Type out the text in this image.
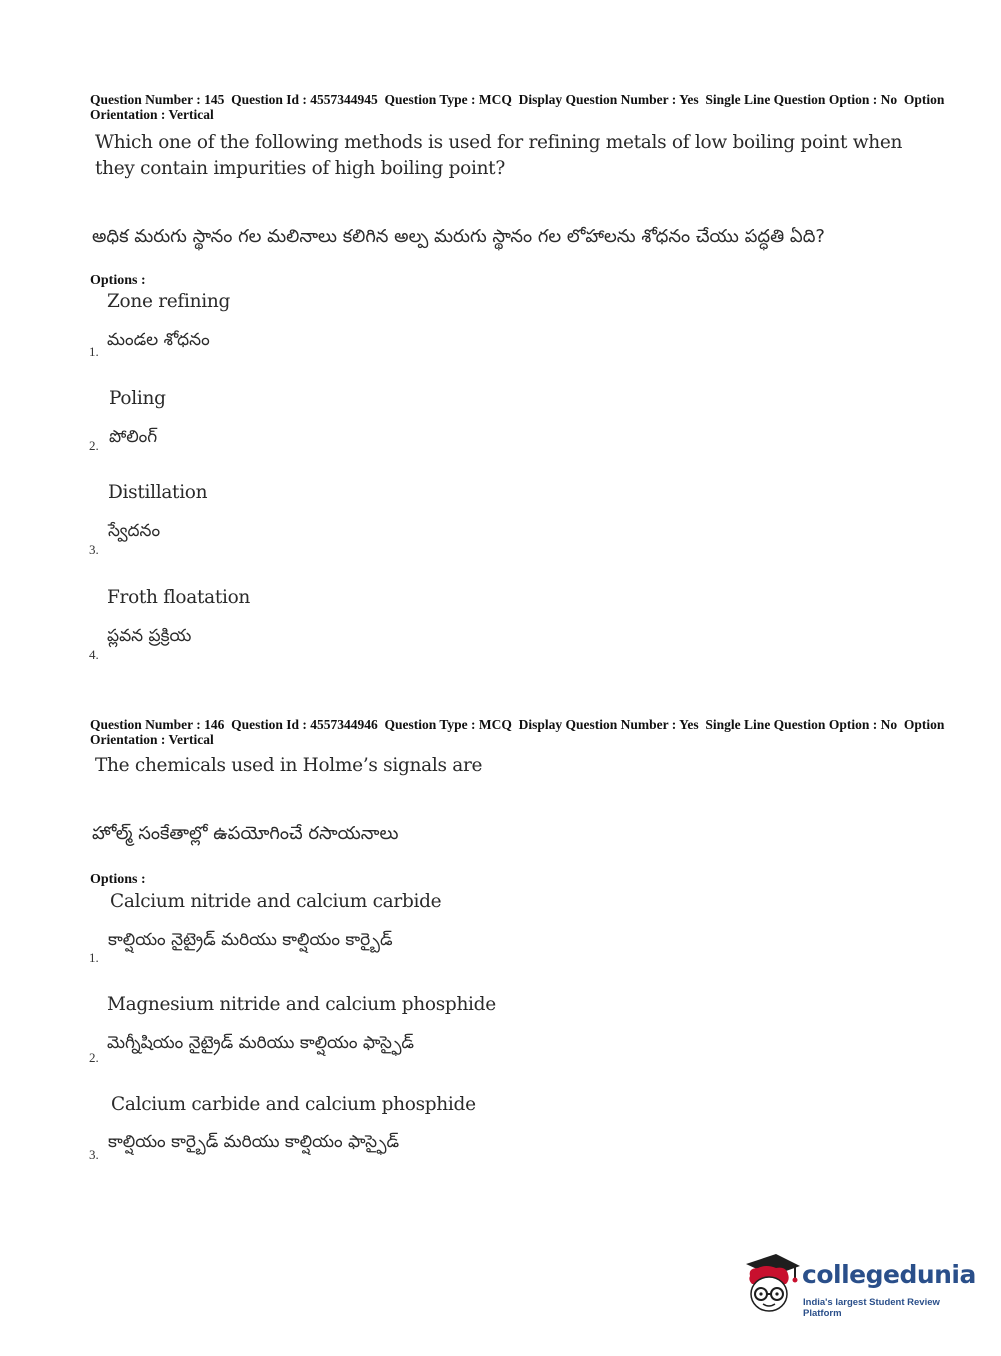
Question Number : 145  Question Id : 4557344945  Question Type : MCQ  Display Question Number : Yes  Single Line Question Option : No  Option Orientation : Vertical
Which one of the following methods is used for refining metals of low boiling point when they contain impurities of high boiling point?
అధిక మరుగు స్థానం గల మలినాలు కలిగిన అల్ప మరుగు స్థానం గల లోహాలను శోధనం చేయు పద్ధతి ఏది?
Options :
Zone refining
మండల శోధనం
1.
Poling
పోలింగ్
2.
Distillation
స్వేదనం
3.
Froth floatation
ప్లవన ప్రక్రియ
4.
Question Number : 146  Question Id : 4557344946  Question Type : MCQ  Display Question Number : Yes  Single Line Question Option : No  Option Orientation : Vertical
The chemicals used in Holme’s signals are
హోల్మ్ సంకేతాల్లో ఉపయోగించే రసాయనాలు
Options :
Calcium nitride and calcium carbide
కాల్షియం నైట్రైడ్ మరియు కాల్షియం కార్బైడ్
1.
Magnesium nitride and calcium phosphide
మెగ్నీషియం నైట్రైడ్ మరియు కాల్షియం ఫాస్ఫైడ్
2.
Calcium carbide and calcium phosphide
కాల్షియం కార్బైడ్ మరియు కాల్షియం ఫాస్ఫైడ్
3.
collegedunia
India's largest Student Review Platform
